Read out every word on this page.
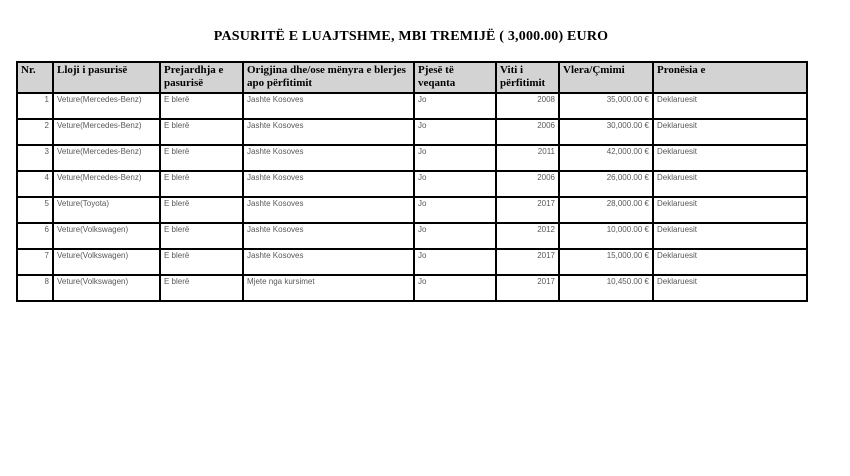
PASURITË E LUAJTSHME, MBI TREMIJË ( 3,000.00) EURO
Nr.	Lloji i pasurisë	Prejardhja e pasurisë	Origjina dhe/ose mënyra e blerjes apo përfitimit	Pjesë të veqanta	Viti i përfitimit	Vlera/Çmimi	Pronësia e
1	Veture(Mercedes-Benz)	E blerë	Jashte Kosoves	Jo	2008	35,000.00 €	Deklaruesit
2	Veture(Mercedes-Benz)	E blerë	Jashte Kosoves	Jo	2006	30,000.00 €	Deklaruesit
3	Veture(Mercedes-Benz)	E blerë	Jashte Kosoves	Jo	2011	42,000.00 €	Deklaruesit
4	Veture(Mercedes-Benz)	E blerë	Jashte Kosoves	Jo	2006	26,000.00 €	Deklaruesit
5	Veture(Toyota)	E blerë	Jashte Kosoves	Jo	2017	28,000.00 €	Deklaruesit
6	Veture(Volkswagen)	E blerë	Jashte Kosoves	Jo	2012	10,000.00 €	Deklaruesit
7	Veture(Volkswagen)	E blerë	Jashte Kosoves	Jo	2017	15,000.00 €	Deklaruesit
8	Veture(Volkswagen)	E blerë	Mjete nga kursimet	Jo	2017	10,450.00 €	Deklaruesit
